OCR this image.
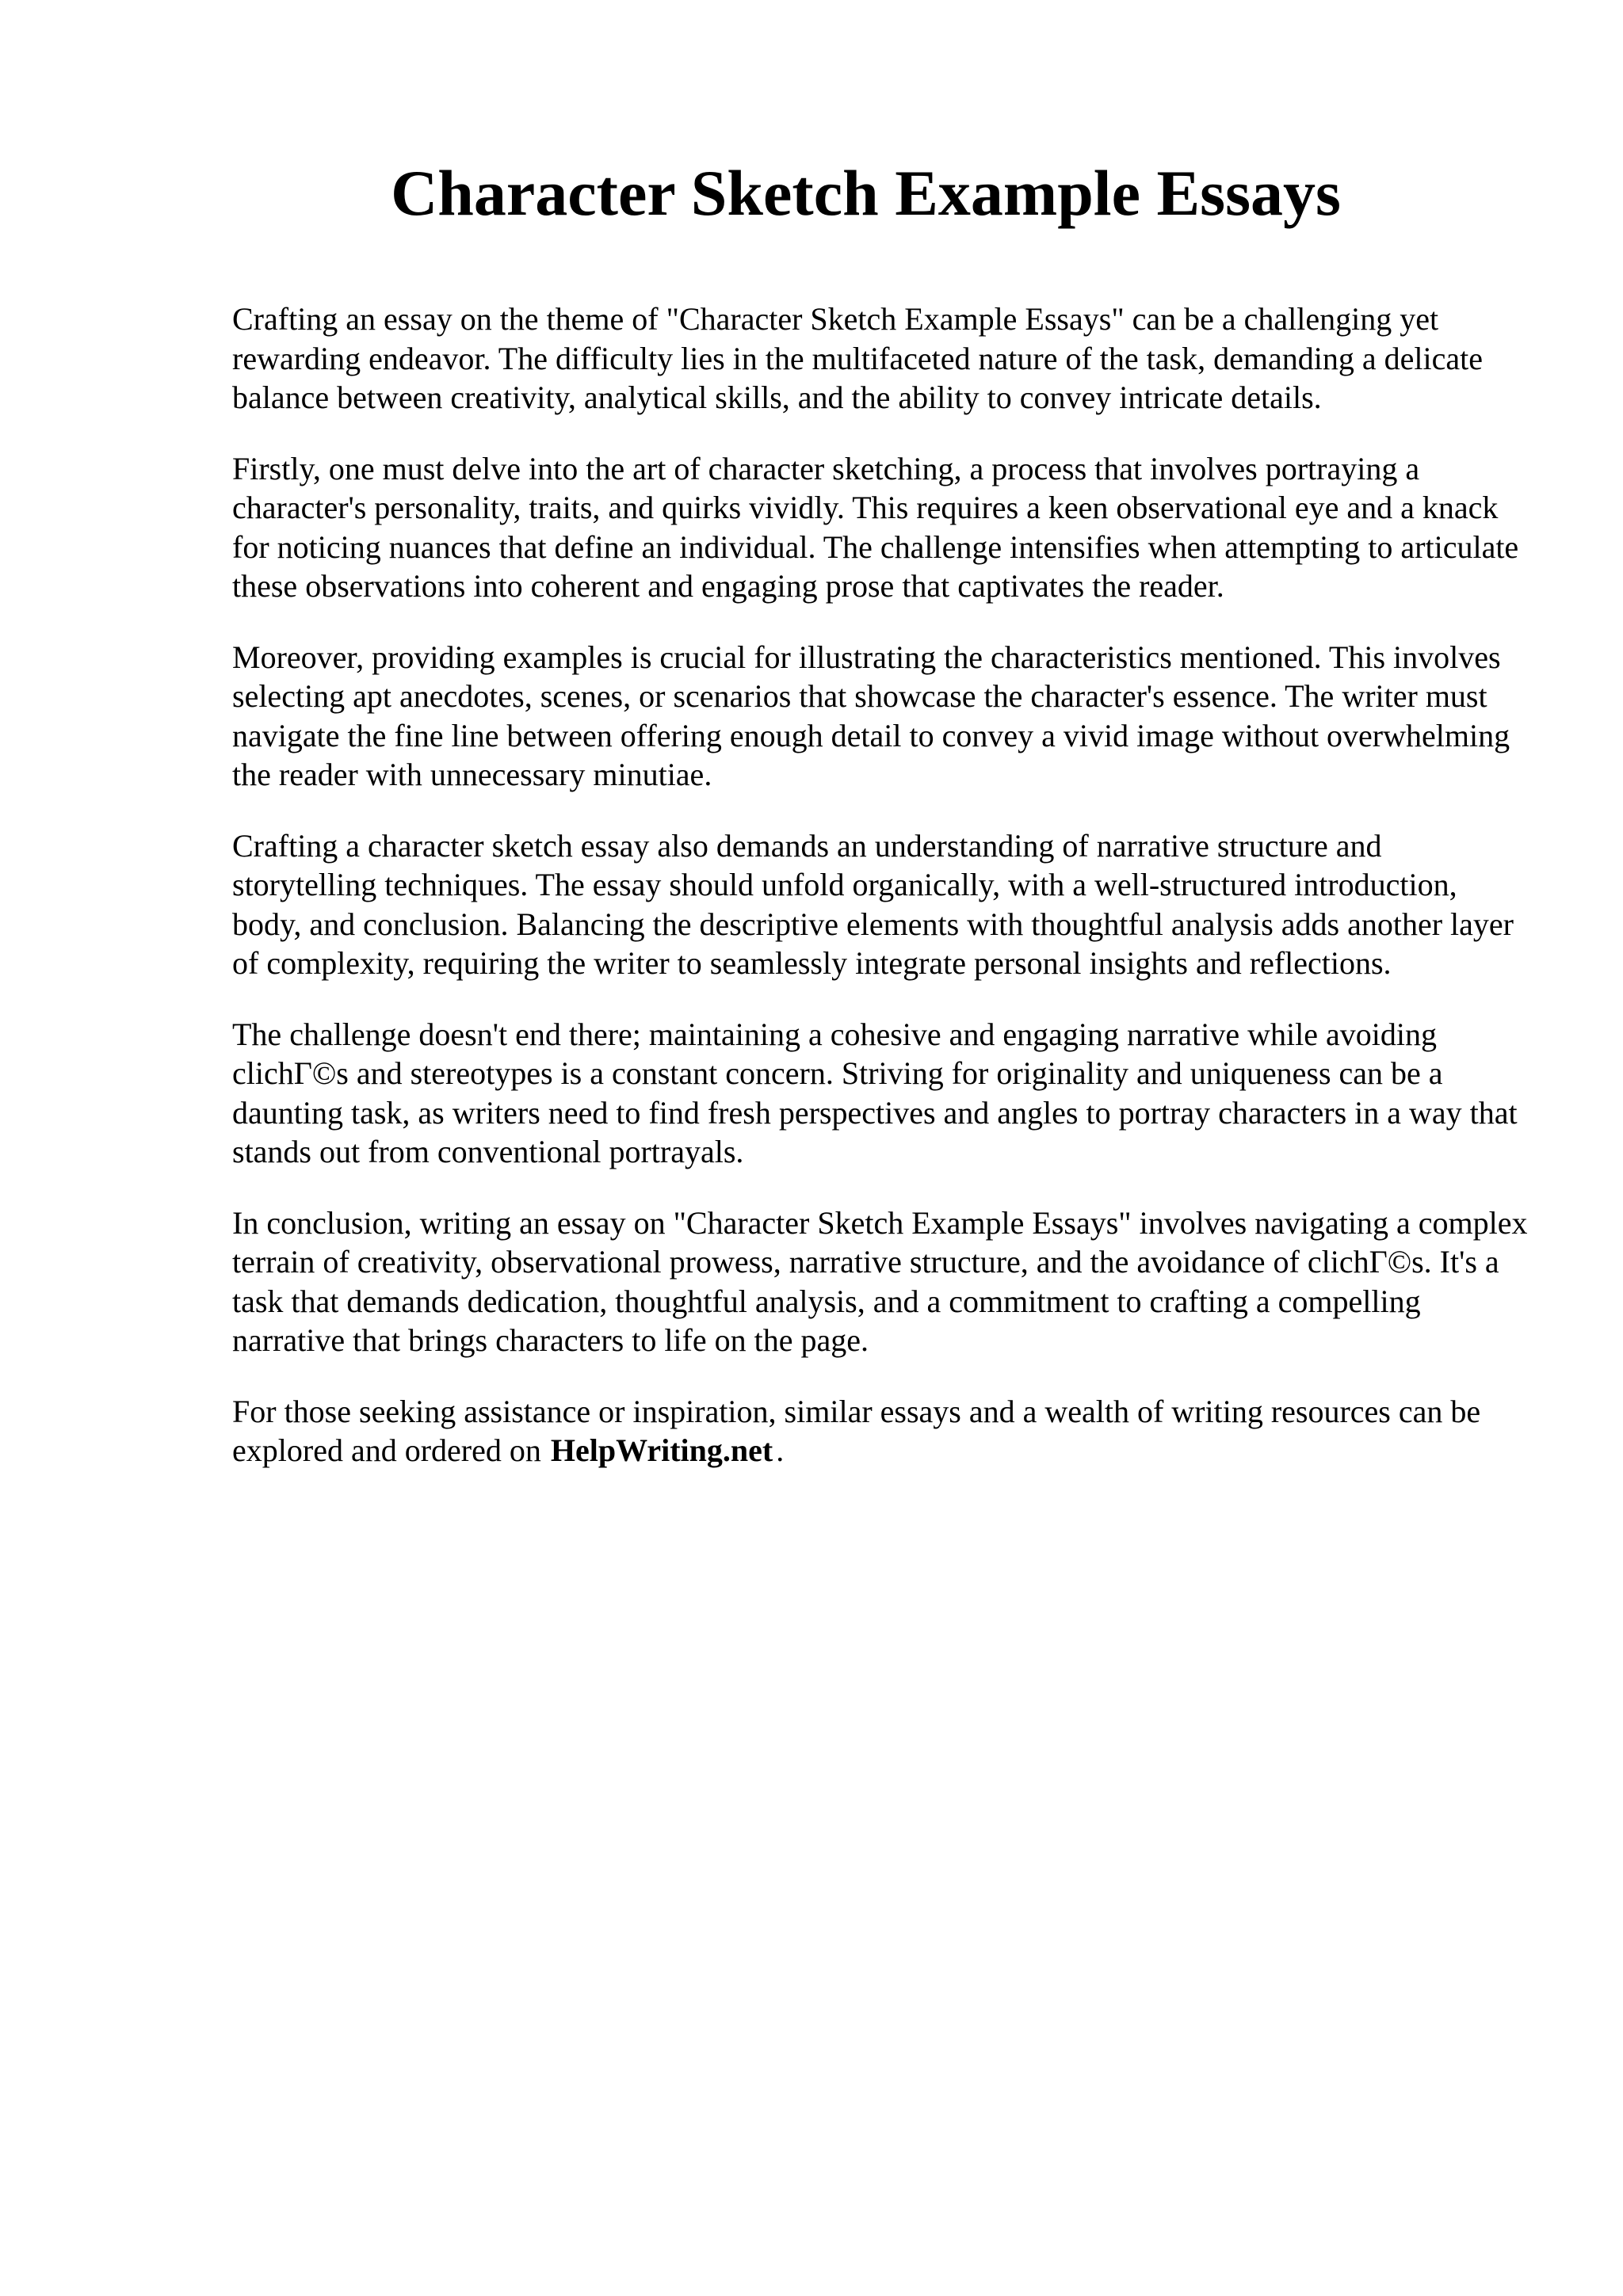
Character Sketch Example Essays

Crafting an essay on the theme of "Character Sketch Example Essays" can be a challenging yet rewarding endeavor. The difficulty lies in the multifaceted nature of the task, demanding a delicate balance between creativity, analytical skills, and the ability to convey intricate details.

Firstly, one must delve into the art of character sketching, a process that involves portraying a character's personality, traits, and quirks vividly. This requires a keen observational eye and a knack for noticing nuances that define an individual. The challenge intensifies when attempting to articulate these observations into coherent and engaging prose that captivates the reader.

Moreover, providing examples is crucial for illustrating the characteristics mentioned. This involves selecting apt anecdotes, scenes, or scenarios that showcase the character's essence. The writer must navigate the fine line between offering enough detail to convey a vivid image without overwhelming the reader with unnecessary minutiae.

Crafting a character sketch essay also demands an understanding of narrative structure and storytelling techniques. The essay should unfold organically, with a well-structured introduction, body, and conclusion. Balancing the descriptive elements with thoughtful analysis adds another layer of complexity, requiring the writer to seamlessly integrate personal insights and reflections.

The challenge doesn't end there; maintaining a cohesive and engaging narrative while avoiding clichΓ©s and stereotypes is a constant concern. Striving for originality and uniqueness can be a daunting task, as writers need to find fresh perspectives and angles to portray characters in a way that stands out from conventional portrayals.

In conclusion, writing an essay on "Character Sketch Example Essays" involves navigating a complex terrain of creativity, observational prowess, narrative structure, and the avoidance of clichΓ©s. It's a task that demands dedication, thoughtful analysis, and a commitment to crafting a compelling narrative that brings characters to life on the page.

For those seeking assistance or inspiration, similar essays and a wealth of writing resources can be explored and ordered on HelpWriting.net .
